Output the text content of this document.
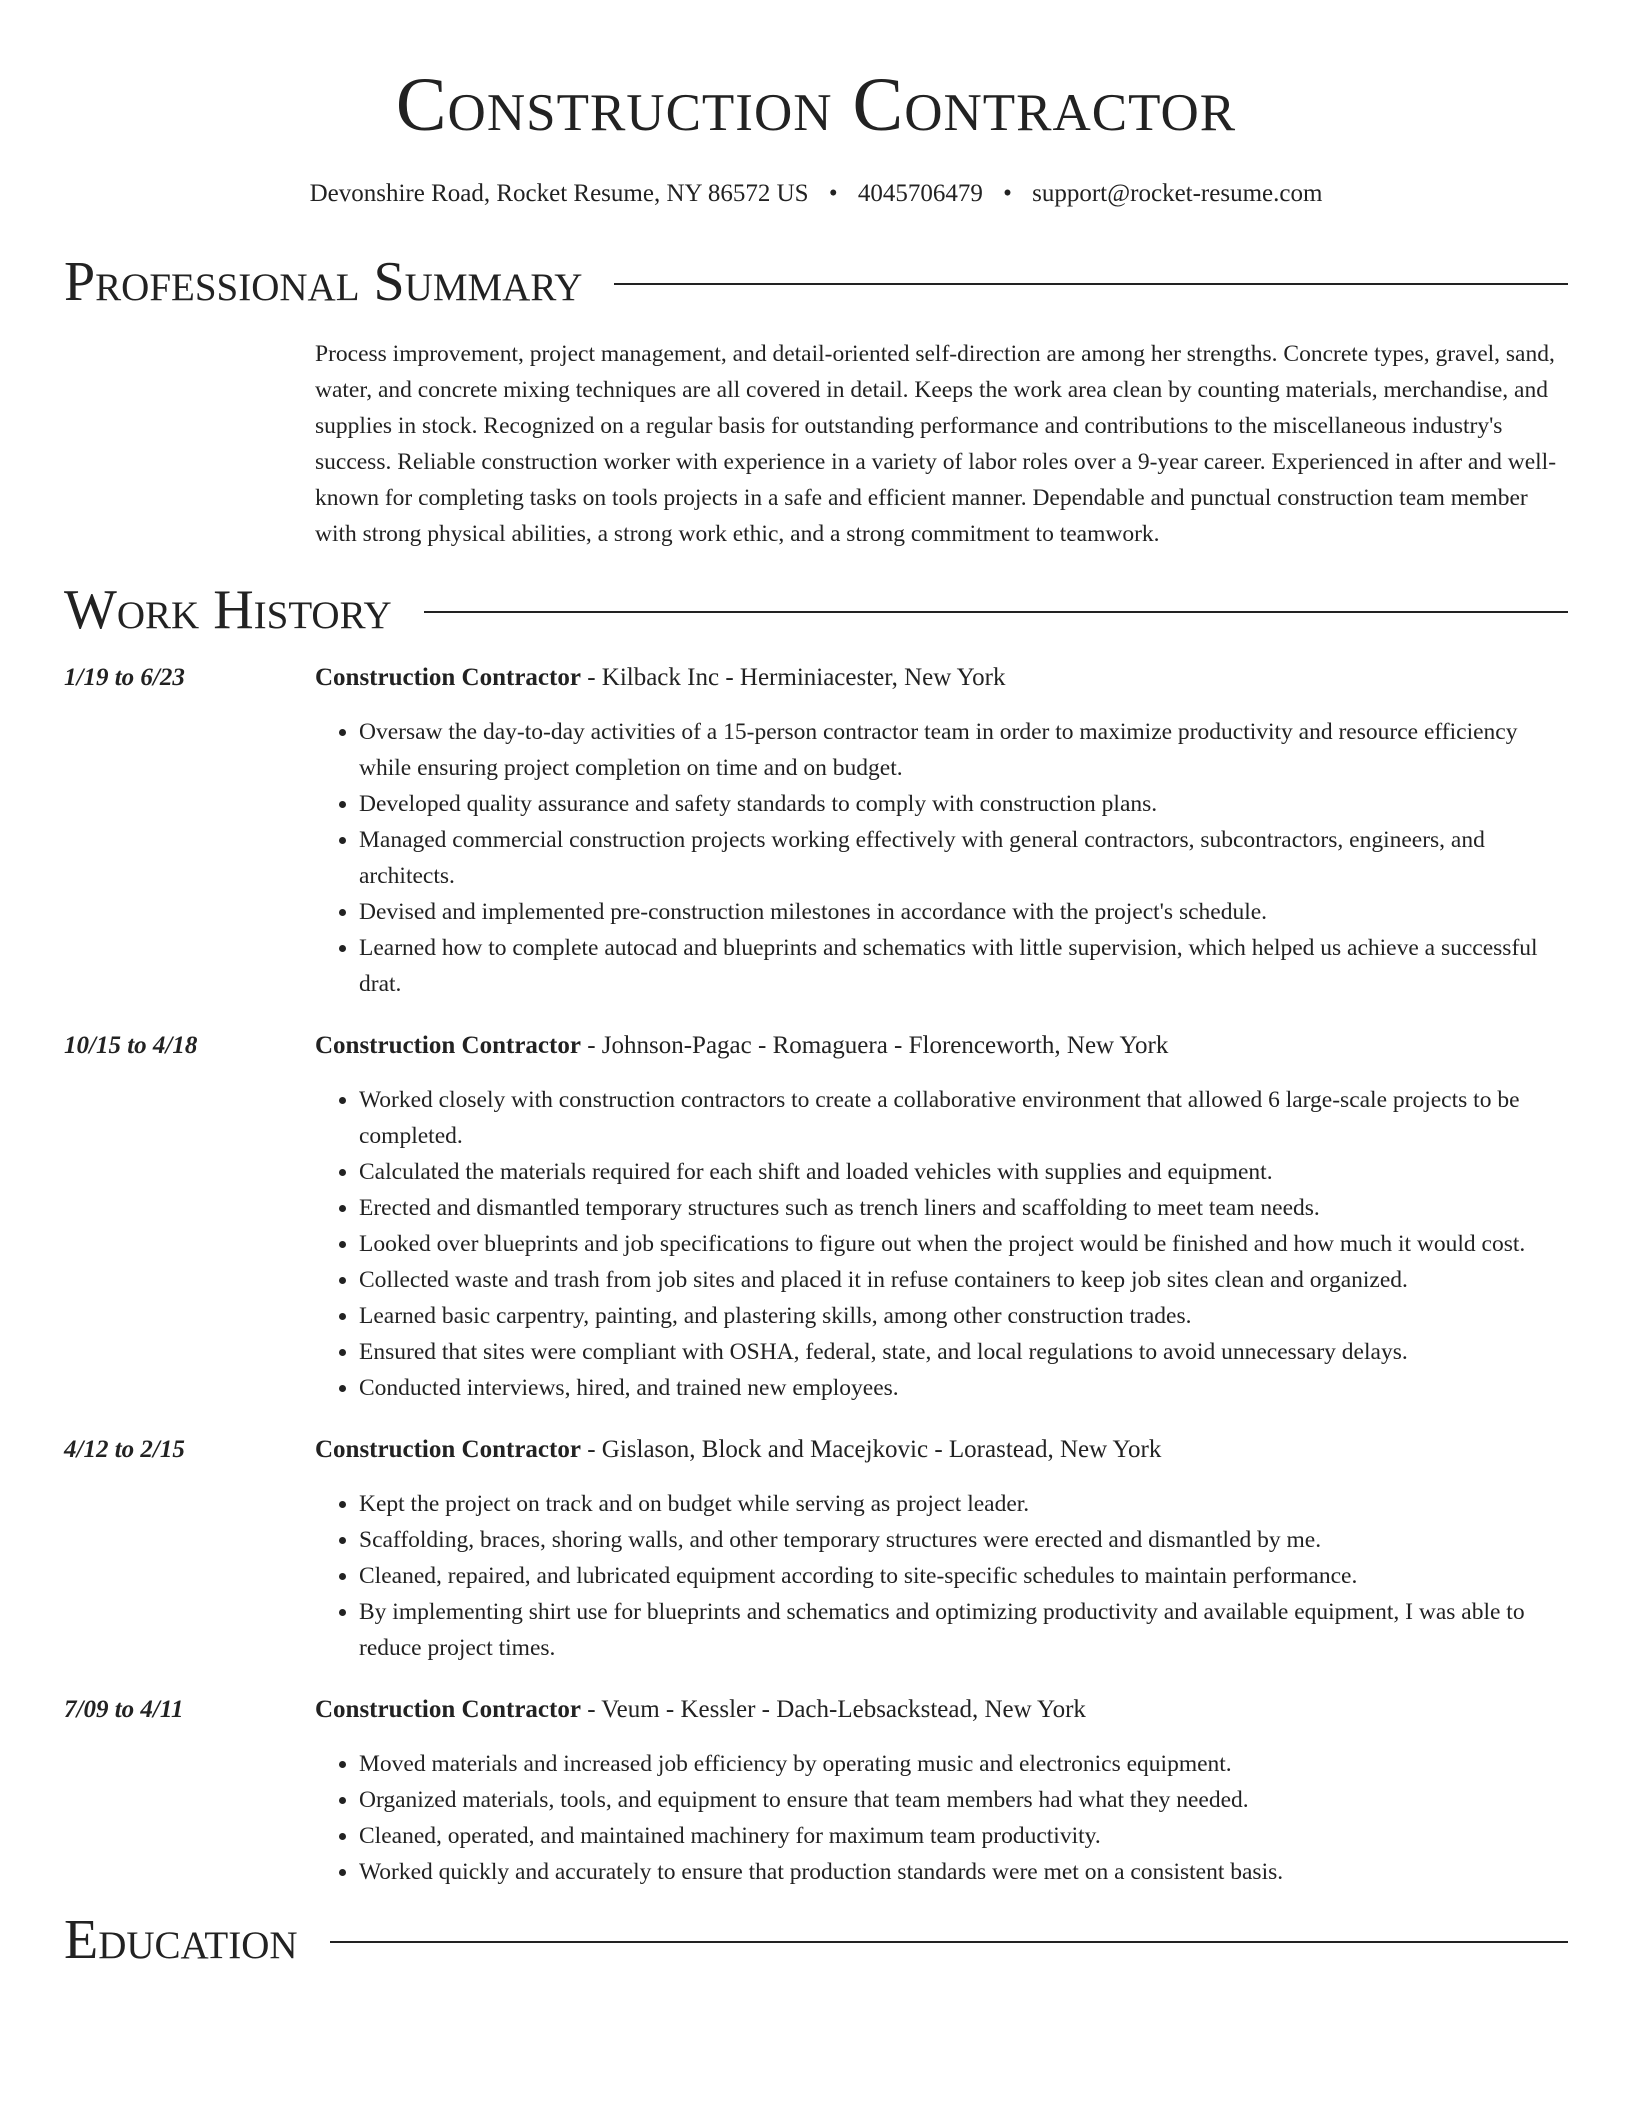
Construction Contractor
Devonshire Road, Rocket Resume, NY 86572 US • 4045706479 • support@rocket-resume.com
Professional Summary
Process improvement, project management, and detail-oriented self-direction are among her strengths. Concrete types, gravel, sand, water, and concrete mixing techniques are all covered in detail. Keeps the work area clean by counting materials, merchandise, and supplies in stock. Recognized on a regular basis for outstanding performance and contributions to the miscellaneous industry's success. Reliable construction worker with experience in a variety of labor roles over a 9-year career. Experienced in after and well-known for completing tasks on tools projects in a safe and efficient manner. Dependable and punctual construction team member with strong physical abilities, a strong work ethic, and a strong commitment to teamwork.
Work History
1/19 to 6/23	Construction Contractor - Kilback Inc - Herminiacester, New York
• Oversaw the day-to-day activities of a 15-person contractor team in order to maximize productivity and resource efficiency while ensuring project completion on time and on budget.
• Developed quality assurance and safety standards to comply with construction plans.
• Managed commercial construction projects working effectively with general contractors, subcontractors, engineers, and architects.
• Devised and implemented pre-construction milestones in accordance with the project's schedule.
• Learned how to complete autocad and blueprints and schematics with little supervision, which helped us achieve a successful drat.
10/15 to 4/18	Construction Contractor - Johnson-Pagac - Romaguera - Florenceworth, New York
• Worked closely with construction contractors to create a collaborative environment that allowed 6 large-scale projects to be completed.
• Calculated the materials required for each shift and loaded vehicles with supplies and equipment.
• Erected and dismantled temporary structures such as trench liners and scaffolding to meet team needs.
• Looked over blueprints and job specifications to figure out when the project would be finished and how much it would cost.
• Collected waste and trash from job sites and placed it in refuse containers to keep job sites clean and organized.
• Learned basic carpentry, painting, and plastering skills, among other construction trades.
• Ensured that sites were compliant with OSHA, federal, state, and local regulations to avoid unnecessary delays.
• Conducted interviews, hired, and trained new employees.
4/12 to 2/15	Construction Contractor - Gislason, Block and Macejkovic - Lorastead, New York
• Kept the project on track and on budget while serving as project leader.
• Scaffolding, braces, shoring walls, and other temporary structures were erected and dismantled by me.
• Cleaned, repaired, and lubricated equipment according to site-specific schedules to maintain performance.
• By implementing shirt use for blueprints and schematics and optimizing productivity and available equipment, I was able to reduce project times.
7/09 to 4/11	Construction Contractor - Veum - Kessler - Dach-Lebsackstead, New York
• Moved materials and increased job efficiency by operating music and electronics equipment.
• Organized materials, tools, and equipment to ensure that team members had what they needed.
• Cleaned, operated, and maintained machinery for maximum team productivity.
• Worked quickly and accurately to ensure that production standards were met on a consistent basis.
Education
